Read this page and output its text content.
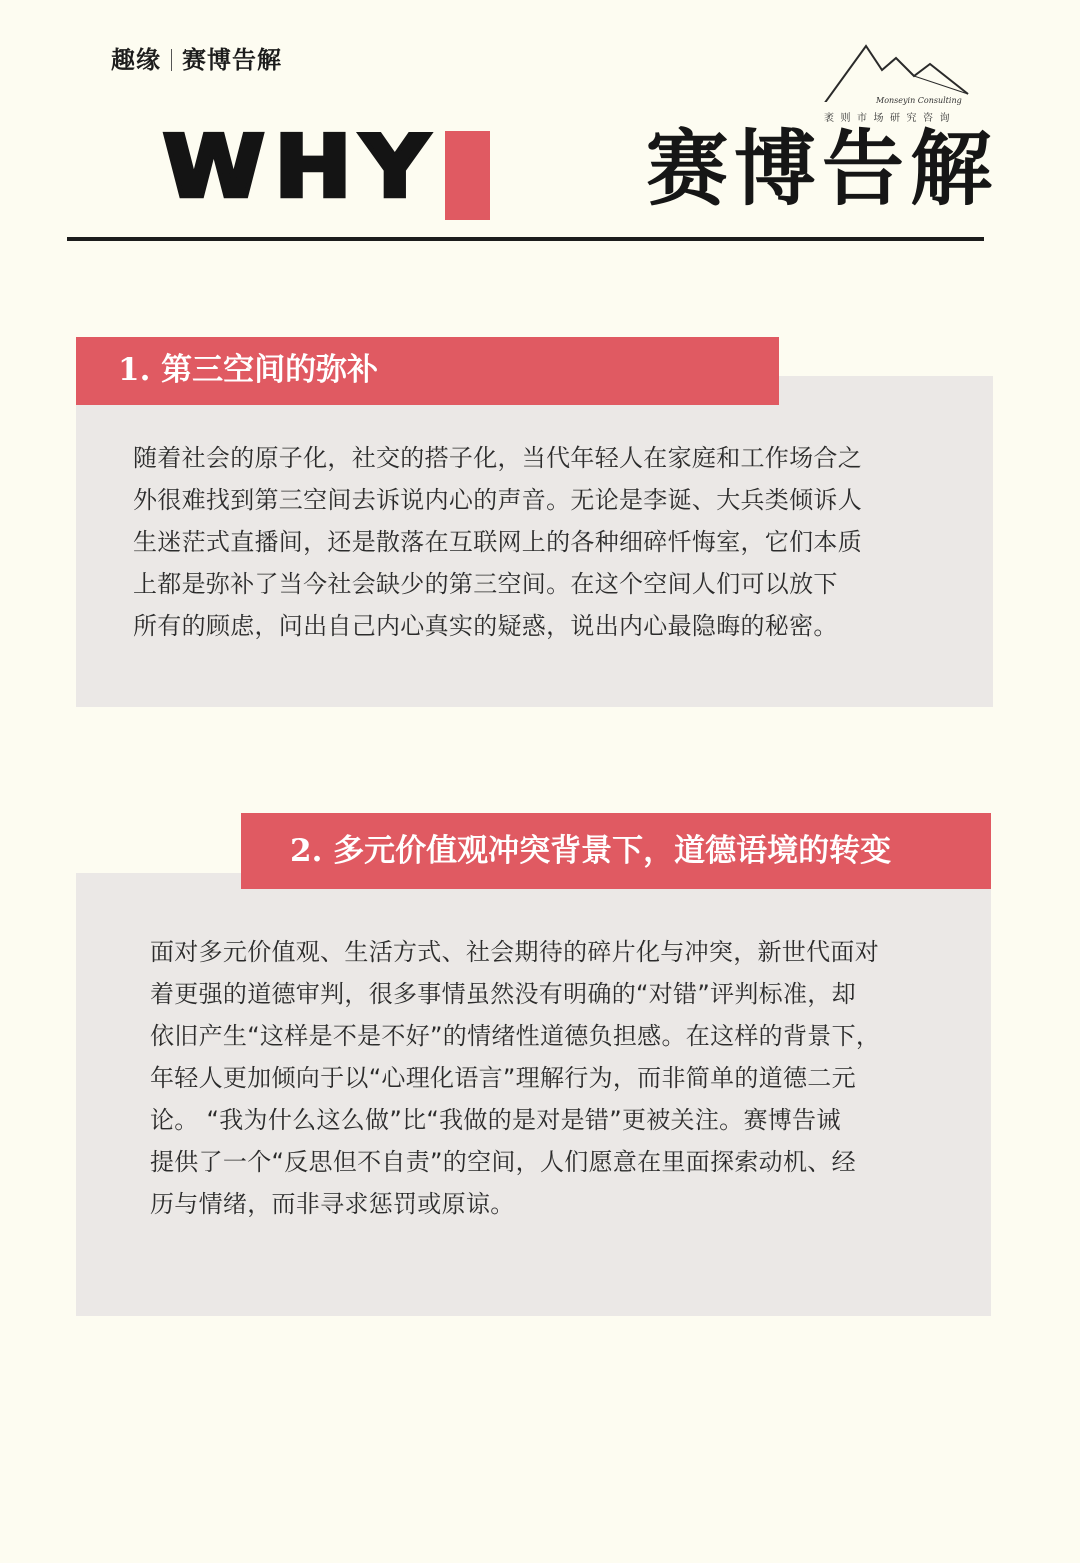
趣缘 赛博告解
Monseyin Consulting
袤则市场研究咨询
WHY	赛博告解
1. 第三空间的弥补
随着社会的原子化，社交的搭子化，当代年轻人在家庭和工作场合之
外很难找到第三空间去诉说内心的声音。无论是李诞、大兵类倾诉人
生迷茫式直播间，还是散落在互联网上的各种细碎忏悔室，它们本质
上都是弥补了当今社会缺少的第三空间。在这个空间人们可以放下
所有的顾虑，问出自己内心真实的疑惑，说出内心最隐晦的秘密。
2. 多元价值观冲突背景下，道德语境的转变
面对多元价值观、生活方式、社会期待的碎片化与冲突，新世代面对
着更强的道德审判，很多事情虽然没有明确的“对错”评判标准，却
依旧产生“这样是不是不好”的情绪性道德负担感。在这样的背景下，
年轻人更加倾向于以“心理化语言”理解行为，而非简单的道德二元
论。 “我为什么这么做”比“我做的是对是错”更被关注。赛博告诫
提供了一个“反思但不自责”的空间，人们愿意在里面探索动机、经
历与情绪，而非寻求惩罚或原谅。
